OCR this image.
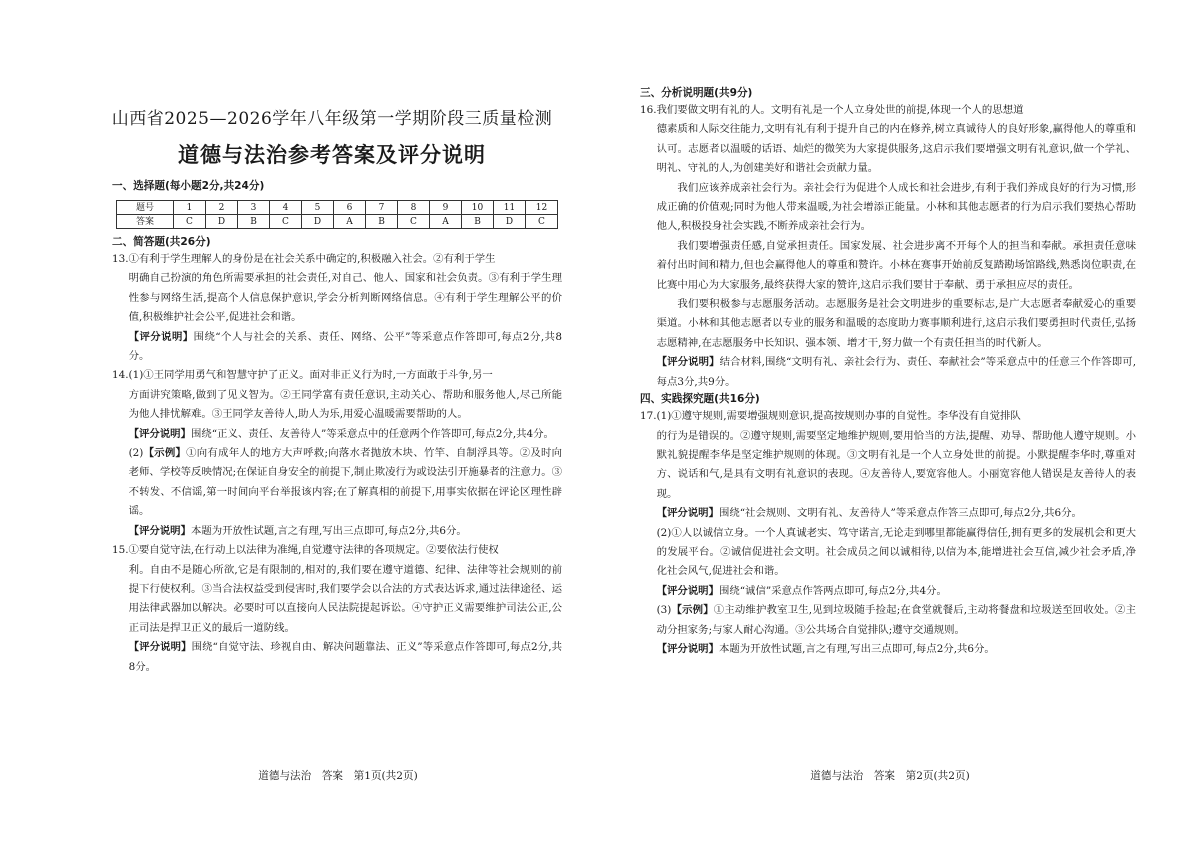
山西省2025—2026学年八年级第一学期阶段三质量检测
道德与法治参考答案及评分说明

一、选择题(每小题2分,共24分)

题号	1	2	3	4	5	6	7	8	9	10	11	12
答案	C	D	B	C	D	A	B	C	A	B	D	C

二、简答题(共26分)

13.①有利于学生理解人的身份是在社会关系中确定的,积极融入社会。②有利于学生

明确自己扮演的角色所需要承担的社会责任,对自己、他人、国家和社会负责。③有利于学生理性参与网络生活,提高个人信息保护意识,学会分析判断网络信息。④有利于学生理解公平的价值,积极维护社会公平,促进社会和谐。

【评分说明】围绕“个人与社会的关系、责任、网络、公平”等采意点作答即可,每点2分,共8分。

14.(1)①王同学用勇气和智慧守护了正义。面对非正义行为时,一方面敢于斗争,另一

方面讲究策略,做到了见义智为。②王同学富有责任意识,主动关心、帮助和服务他人,尽己所能为他人排忧解难。③王同学友善待人,助人为乐,用爱心温暖需要帮助的人。

【评分说明】围绕“正义、责任、友善待人”等采意点中的任意两个作答即可,每点2分,共4分。

(2)【示例】①向有成年人的地方大声呼救;向落水者抛放木块、竹竿、自制浮具等。②及时向老师、学校等反映情况;在保证自身安全的前提下,制止欺凌行为或设法引开施暴者的注意力。③不转发、不信谣,第一时间向平台举报该内容;在了解真相的前提下,用事实依据在评论区理性辟谣。

【评分说明】本题为开放性试题,言之有理,写出三点即可,每点2分,共6分。

15.①要自觉守法,在行动上以法律为准绳,自觉遵守法律的各项规定。②要依法行使权

利。自由不是随心所欲,它是有限制的,相对的,我们要在遵守道德、纪律、法律等社会规则的前提下行使权利。③当合法权益受到侵害时,我们要学会以合法的方式表达诉求,通过法律途径、运用法律武器加以解决。必要时可以直接向人民法院提起诉讼。④守护正义需要维护司法公正,公正司法是捍卫正义的最后一道防线。

【评分说明】围绕“自觉守法、珍视自由、解决问题靠法、正义”等采意点作答即可,每点2分,共8分。

道德与法治　答案　第1页(共2页)

三、分析说明题(共9分)

16.我们要做文明有礼的人。文明有礼是一个人立身处世的前提,体现一个人的思想道

德素质和人际交往能力,文明有礼有利于提升自己的内在修养,树立真诚待人的良好形象,赢得他人的尊重和认可。志愿者以温暖的话语、灿烂的微笑为大家提供服务,这启示我们要增强文明有礼意识,做一个学礼、明礼、守礼的人,为创建美好和谐社会贡献力量。

我们应该养成亲社会行为。亲社会行为促进个人成长和社会进步,有利于我们养成良好的行为习惯,形成正确的价值观;同时为他人带来温暖,为社会增添正能量。小林和其他志愿者的行为启示我们要热心帮助他人,积极投身社会实践,不断养成亲社会行为。

我们要增强责任感,自觉承担责任。国家发展、社会进步离不开每个人的担当和奉献。承担责任意味着付出时间和精力,但也会赢得他人的尊重和赞许。小林在赛事开始前反复踏勘场馆路线,熟悉岗位职责,在比赛中用心为大家服务,最终获得大家的赞许,这启示我们要甘于奉献、勇于承担应尽的责任。

我们要积极参与志愿服务活动。志愿服务是社会文明进步的重要标志,是广大志愿者奉献爱心的重要渠道。小林和其他志愿者以专业的服务和温暖的态度助力赛事顺利进行,这启示我们要勇担时代责任,弘扬志愿精神,在志愿服务中长知识、强本领、增才干,努力做一个有责任担当的时代新人。

【评分说明】结合材料,围绕“文明有礼、亲社会行为、责任、奉献社会”等采意点中的任意三个作答即可,每点3分,共9分。

四、实践探究题(共16分)

17.(1)①遵守规则,需要增强规则意识,提高按规则办事的自觉性。李华没有自觉排队

的行为是错误的。②遵守规则,需要坚定地维护规则,要用恰当的方法,提醒、劝导、帮助他人遵守规则。小默礼貌提醒李华是坚定维护规则的体现。③文明有礼是一个人立身处世的前提。小默提醒李华时,尊重对方、说话和气,是具有文明有礼意识的表现。④友善待人,要宽容他人。小丽宽容他人错误是友善待人的表现。

【评分说明】围绕“社会规则、文明有礼、友善待人”等采意点作答三点即可,每点2分,共6分。

(2)①人以诚信立身。一个人真诚老实、笃守诺言,无论走到哪里都能赢得信任,拥有更多的发展机会和更大的发展平台。②诚信促进社会文明。社会成员之间以诚相待,以信为本,能增进社会互信,减少社会矛盾,净化社会风气,促进社会和谐。

【评分说明】围绕“诚信”采意点作答两点即可,每点2分,共4分。

(3)【示例】①主动维护教室卫生,见到垃圾随手捡起;在食堂就餐后,主动将餐盘和垃圾送至回收处。②主动分担家务;与家人耐心沟通。③公共场合自觉排队;遵守交通规则。

【评分说明】本题为开放性试题,言之有理,写出三点即可,每点2分,共6分。

道德与法治　答案　第2页(共2页)
